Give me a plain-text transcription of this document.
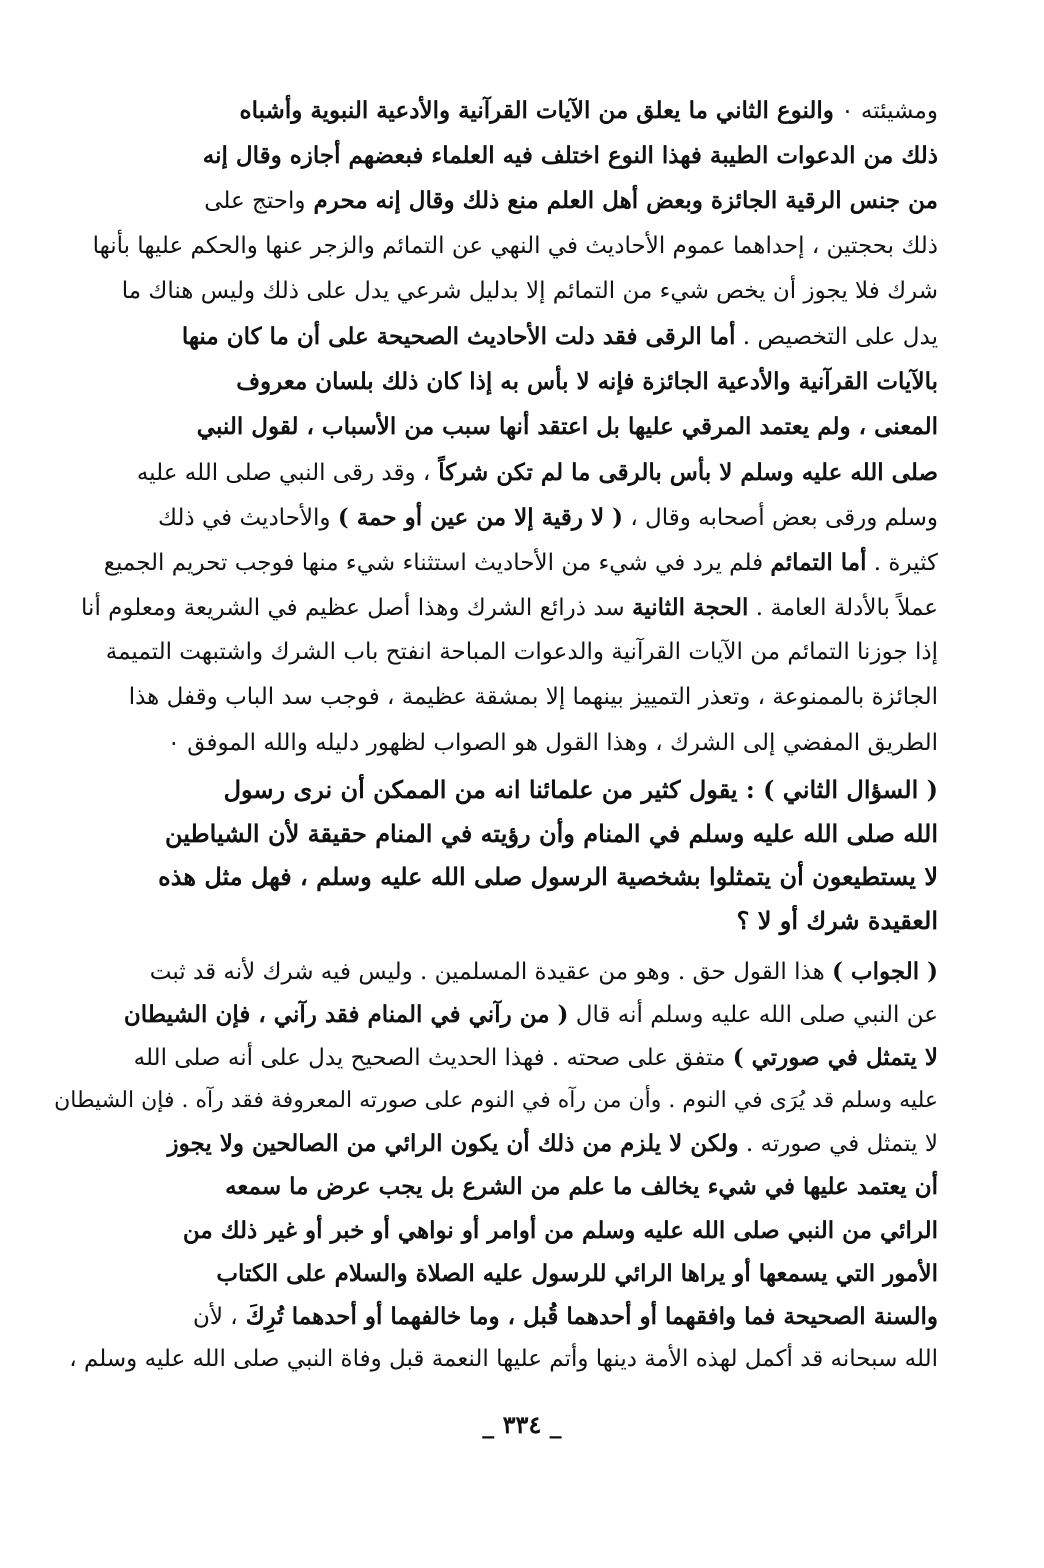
ومشيئته ٠ والنوع الثاني ما يعلق من الآيات القرآنية والأدعية النبوية وأشباه
ذلك من الدعوات الطيبة فهذا النوع اختلف فيه العلماء فبعضهم أجازه وقال إنه
من جنس الرقية الجائزة وبعض أهل العلم منع ذلك وقال إنه محرم واحتج على
ذلك بحجتين ، إحداهما عموم الأحاديث في النهي عن التمائم والزجر عنها والحكم عليها بأنها
شرك فلا يجوز أن يخص شيء من التمائم إلا بدليل شرعي يدل على ذلك وليس هناك ما
يدل على التخصيص . أما الرقى فقد دلت الأحاديث الصحيحة على أن ما كان منها
بالآيات القرآنية والأدعية الجائزة فإنه لا بأس به إذا كان ذلك بلسان معروف
المعنى ، ولم يعتمد المرقي عليها بل اعتقد أنها سبب من الأسباب ، لقول النبي
صلى الله عليه وسلم لا بأس بالرقى ما لم تكن شركاً ، وقد رقى النبي صلى الله عليه
وسلم ورقى بعض أصحابه وقال ، ( لا رقية إلا من عين أو حمة ) والأحاديث في ذلك
كثيرة . أما التمائم فلم يرد في شيء من الأحاديث استثناء شيء منها فوجب تحريم الجميع
عملاً بالأدلة العامة . الحجة الثانية سد ذرائع الشرك وهذا أصل عظيم في الشريعة ومعلوم أنا
إذا جوزنا التمائم من الآيات القرآنية والدعوات المباحة انفتح باب الشرك واشتبهت التميمة
الجائزة بالممنوعة ، وتعذر التمييز بينهما إلا بمشقة عظيمة ، فوجب سد الباب وقفل هذا
الطريق المفضي إلى الشرك ، وهذا القول هو الصواب لظهور دليله والله الموفق ٠
( السؤال الثاني ) : يقول كثير من علمائنا انه من الممكن أن نرى رسول
الله صلى الله عليه وسلم في المنام وأن رؤيته في المنام حقيقة لأن الشياطين
لا يستطيعون أن يتمثلوا بشخصية الرسول صلى الله عليه وسلم ، فهل مثل هذه
العقيدة شرك أو لا ؟
( الجواب ) هذا القول حق . وهو من عقيدة المسلمين . وليس فيه شرك لأنه قد ثبت
عن النبي صلى الله عليه وسلم أنه قال ( من رآني في المنام فقد رآني ، فإن الشيطان
لا يتمثل في صورتي ) متفق على صحته . فهذا الحديث الصحيح يدل على أنه صلى الله
عليه وسلم قد يُرَى في النوم . وأن من رآه في النوم على صورته المعروفة فقد رآه . فإن الشيطان
لا يتمثل في صورته . ولكن لا يلزم من ذلك أن يكون الرائي من الصالحين ولا يجوز
أن يعتمد عليها في شيء يخالف ما علم من الشرع بل يجب عرض ما سمعه
الرائي من النبي صلى الله عليه وسلم من أوامر أو نواهي أو خبر أو غير ذلك من
الأمور التي يسمعها أو يراها الرائي للرسول عليه الصلاة والسلام على الكتاب
والسنة الصحيحة فما وافقهما أو أحدهما قُبل ، وما خالفهما أو أحدهما تُرِكَ ، لأن
الله سبحانه قد أكمل لهذه الأمة دينها وأتم عليها النعمة قبل وفاة النبي صلى الله عليه وسلم ،
_ ٣٣٤ _
